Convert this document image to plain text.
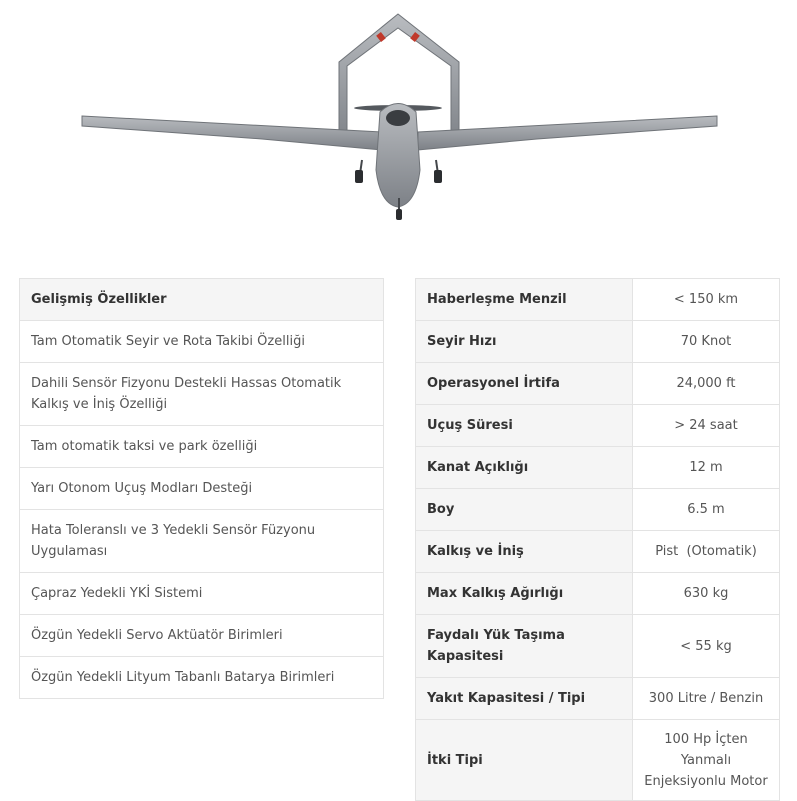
Gelişmiş Özellikler
Tam Otomatik Seyir ve Rota Takibi Özelliği
Dahili Sensör Fizyonu Destekli Hassas Otomatik Kalkış ve İniş Özelliği
Tam otomatik taksi ve park özelliği
Yarı Otonom Uçuş Modları Desteği
Hata Toleranslı ve 3 Yedekli Sensör Füzyonu Uygulaması
Çapraz Yedekli YKİ Sistemi
Özgün Yedekli Servo Aktüatör Birimleri
Özgün Yedekli Lityum Tabanlı Batarya Birimleri
Haberleşme Menzil	< 150 km
Seyir Hızı	70 Knot
Operasyonel İrtifa	24,000 ft
Uçuş Süresi	> 24 saat
Kanat Açıklığı	12 m
Boy	6.5 m
Kalkış ve İniş	Pist  (Otomatik)
Max Kalkış Ağırlığı	630 kg
Faydalı Yük Taşıma Kapasitesi	< 55 kg
Yakıt Kapasitesi / Tipi	300 Litre / Benzin
İtki Tipi	100 Hp İçten Yanmalı Enjeksiyonlu Motor
